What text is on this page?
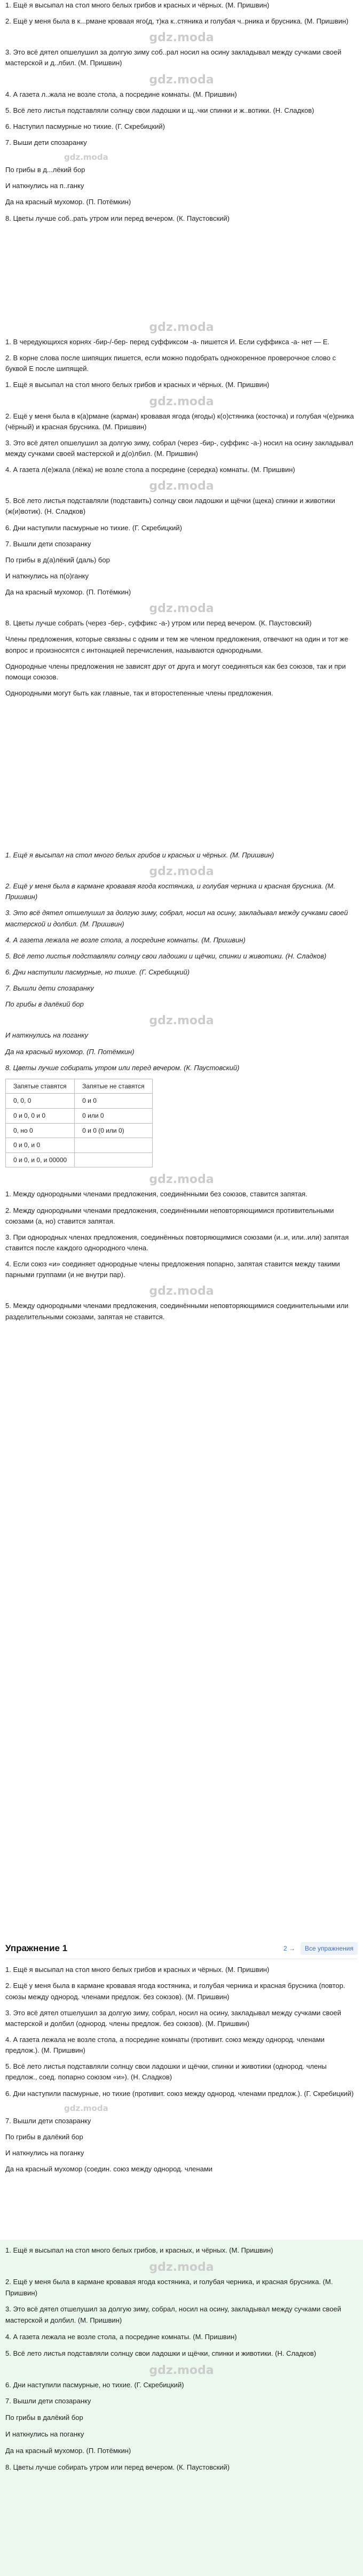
1. Ещё я высыпал на стол много белых грибов и красных и чёрных. (М. Пришвин)

2. Ещё у меня была в к...рмане кроваая яго(д, т)ка к..стяника и голубая ч..рника и брусника. (М. Пришвин)

gdz.moda

3. Это всё дятел опшелушил за долгую зиму соб..рал носил на осину закладывал между сучками своей мастерской и д..лбил. (М. Пришвин)

gdz.moda

4. А газета л..жала не возле стола, а посредине комнаты. (М. Пришвин)

5. Всё лето листья подставляли солнцу свои ладошки и щ..чки спинки и ж..вотики. (Н. Сладков)

6. Наступил пасмурные но тихие. (Г. Скребицкий)

7. Выши дети спозаранку

gdz.moda

По грибы в д...лёкий бор

И наткнулись на п..ганку

Да на красный мухомор. (П. Потёмкин)

8. Цветы лучше соб..рать утром или перед вечером. (К. Паустовский)

gdz.moda

1. В чередующихся корнях -бир-/-бер- перед суффиксом -а- пишется И. Если суффикса -а- нет — Е.

2. В корне слова после шипящих пишется, если можно подобрать однокоренное проверочное слово с буквой Е после шипящей.

1. Ещё я высыпал на стол много белых грибов и красных и чёрных. (М. Пришвин)

gdz.moda

2. Ещё у меня была в к(а)рмане (карман) кровавая ягода (ягоды) к(о)стяника (косточка) и голубая ч(е)рника (чёрный) и красная брусника. (М. Пришвин)

3. Это всё дятел опшелушил за долгую зиму, собрал (через -бир-, суффикс -а-) носил на осину закладывал между сучками своей мастерской и д(о)лбил. (М. Пришвин)

4. А газета л(е)жала (лёжа) не возле стола а посредине (середка) комнаты. (М. Пришвин)

gdz.moda

5. Всё лето листья подставляли (подставить) солнцу свои ладошки и щёчки (щека) спинки и животики (ж(и)вотик). (Н. Сладков)

6. Дни наступили пасмурные но тихие. (Г. Скребицкий)

7. Вышли дети спозаранку

По грибы в д(а)лёкий (даль) бор

И наткнулись на п(о)ганку

Да на красный мухомор. (П. Потёмкин)

gdz.moda

8. Цветы лучше собрать (через -бер-, суффикс -а-) утром или перед вечером. (К. Паустовский)

Члены предложения, которые связаны с одним и тем же членом предложения, отвечают на один и тот же вопрос и произносятся с интонацией перечисления, называются однородными.

Однородные члены предложения не зависят друг от друга и могут соединяться как без союзов, так и при помощи союзов.

Однородными могут быть как главные, так и второстепенные члены предложения.

1. Ещё я высыпал на стол много белых грибов и красных и чёрных. (М. Пришвин)

gdz.moda

2. Ещё у меня была в кармане кровавая ягода костяника, и голубая черника и красная брусника. (М. Пришвин)

3. Это всё дятел отшелушил за долгую зиму, собрал, носил на осину, закладывал между сучками своей мастерской и долбил. (М. Пришвин)

4. А газета лежала не возле стола, а посредине комнаты. (М. Пришвин)

5. Всё лето листья подставляли солнцу свои ладошки и щёчки, спинки и животики. (Н. Сладков)

6. Дни наступили пасмурные, но тихие. (Г. Скребицкий)

7. Вышли дети спозаранку

По грибы в далёкий бор

gdz.moda

И наткнулись на поганку

Да на красный мухомор. (П. Потёмкин)

8. Цветы лучше собирать утром или перед вечером. (К. Паустовский)

Запятые ставятся	Запятые не ставятся
0, 0, 0	0 и 0
0 и 0, 0 и 0	0 или 0
0, но 0	0 и 0 (0 или 0)
0 и 0, и 0	
0 и 0, и 0, и 00000	
gdz.moda

1. Между однородными членами предложения, соединёнными без союзов, ставится запятая.

2. Между однородными членами предложения, соединёнными неповторяющимися противительными союзами (а, но) ставится запятая.

3. При однородных членах предложения, соединённых повторяющимися союзами (и..и, или..или) запятая ставится после каждого однородного члена.

4. Если союз «и» соединяет однородные члены предложения попарно, запятая ставится между такими парными группами (и не внутри пар).

gdz.moda

5. Между однородными членами предложения, соединёнными неповторяющимися соединительными или разделительными союзами, запятая не ставится.

Упражнение 1	2 →	Все упражнения

1. Ещё я высыпал на стол много белых грибов и красных и чёрных. (М. Пришвин)

2. Ещё у меня была в кармане кровавая ягода костяника, и голубая черника и красная брусника (повтор. союзы между однород. членами предлож. без союзов). (М. Пришвин)

3. Это всё дятел отшелушил за долгую зиму, собрал, носил на осину, закладывал между сучками своей мастерской и долбил (однород. члены предлож. без союзов). (М. Пришвин)

4. А газета лежала не возле стола, а посредине комнаты (противит. союз между однород. членами предлож.). (М. Пришвин)

5. Всё лето листья подставляли солнцу свои ладошки и щёчки, спинки и животики (однород. члены предлож., соед. попарно союзом «и»). (Н. Сладков)

6. Дни наступили пасмурные, но тихие (противит. союз между однород. членами предлож.). (Г. Скребицкий)

gdz.moda

7. Вышли дети спозаранку

По грибы в далёкий бор

И наткнулись на поганку

Да на красный мухомор (соедин. союз между однород. членами

1. Ещё я высыпал на стол много белых грибов, и красных, и чёрных. (М. Пришвин)

gdz.moda

2. Ещё у меня была в кармане кровавая ягода костяника, и голубая черника, и красная брусника. (М. Пришвин)

3. Это всё дятел отшелушил за долгую зиму, собрал, носил на осину, закладывал между сучками своей мастерской и долбил. (М. Пришвин)

4. А газета лежала не возле стола, а посредине комнаты. (М. Пришвин)

5. Всё лето листья подставляли солнцу свои ладошки и щёчки, спинки и животики. (Н. Сладков)

gdz.moda

6. Дни наступили пасмурные, но тихие. (Г. Скребицкий)

7. Вышли дети спозаранку

По грибы в далёкий бор

И наткнулись на поганку

Да на красный мухомор. (П. Потёмкин)

8. Цветы лучше собирать утром или перед вечером. (К. Паустовский)
